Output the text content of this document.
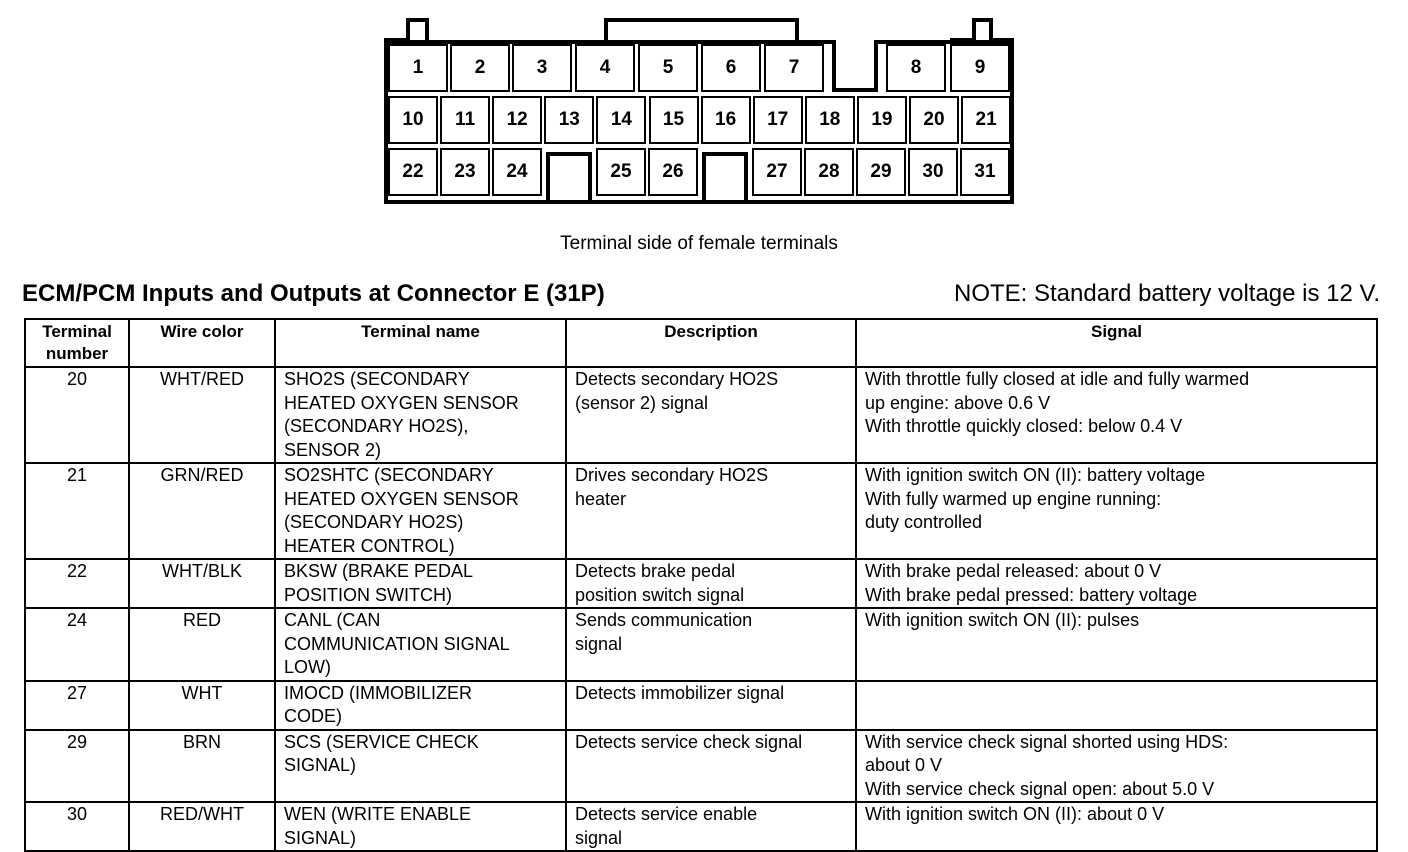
1	2	3	4	5	6	7	8	9
10	11	12	13	14	15	16	17	18	19	20	21
22	23	24	25	26	27	28	29	30	31
Terminal side of female terminals
ECM/PCM Inputs and Outputs at Connector E (31P)	NOTE: Standard battery voltage is 12 V.
Terminal
number	Wire color	Terminal name	Description	Signal
20	WHT/RED	SHO2S (SECONDARY
HEATED OXYGEN SENSOR
(SECONDARY HO2S),
SENSOR 2)	Detects secondary HO2S
(sensor 2) signal	With throttle fully closed at idle and fully warmed
up engine: above 0.6 V
With throttle quickly closed: below 0.4 V
21	GRN/RED	SO2SHTC (SECONDARY
HEATED OXYGEN SENSOR
(SECONDARY HO2S)
HEATER CONTROL)	Drives secondary HO2S
heater	With ignition switch ON (II): battery voltage
With fully warmed up engine running:
duty controlled
22	WHT/BLK	BKSW (BRAKE PEDAL
POSITION SWITCH)	Detects brake pedal
position switch signal	With brake pedal released: about 0 V
With brake pedal pressed: battery voltage
24	RED	CANL (CAN
COMMUNICATION SIGNAL
LOW)	Sends communication
signal	With ignition switch ON (II): pulses
27	WHT	IMOCD (IMMOBILIZER
CODE)	Detects immobilizer signal	
29	BRN	SCS (SERVICE CHECK
SIGNAL)	Detects service check signal	With service check signal shorted using HDS:
about 0 V
With service check signal open: about 5.0 V
30	RED/WHT	WEN (WRITE ENABLE
SIGNAL)	Detects service enable
signal	With ignition switch ON (II): about 0 V
